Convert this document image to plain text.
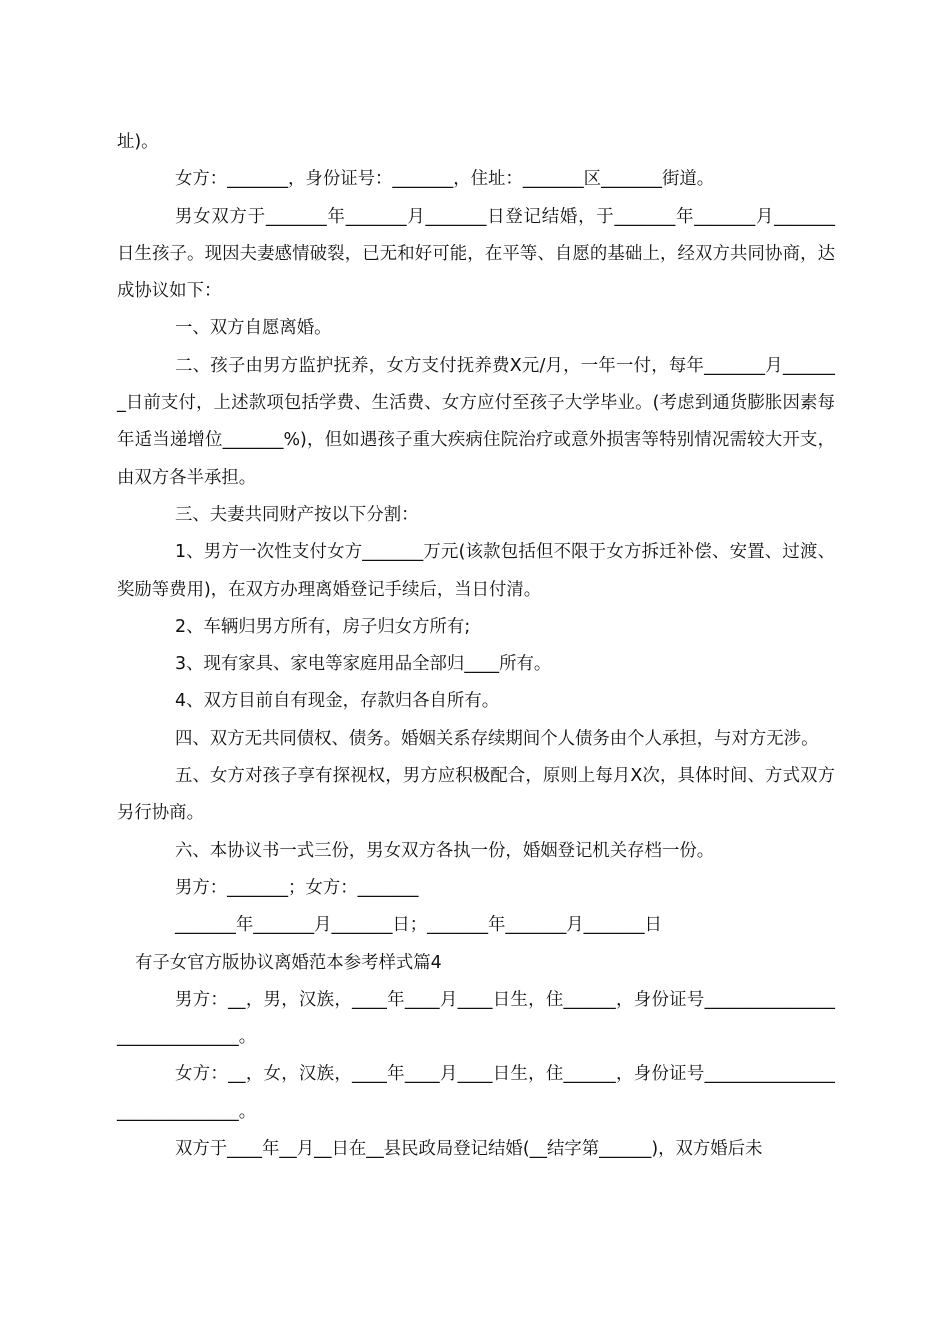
址)。

女方：_______，身份证号：_______，住址：_______区_______街道。

男女双方于_______年_______月_______日登记结婚，于_______年_______月_______日生孩子。现因夫妻感情破裂，已无和好可能，在平等、自愿的基础上，经双方共同协商，达成协议如下：

一、双方自愿离婚。

二、孩子由男方监护抚养，女方支付抚养费X元/月，一年一付，每年_______月_______日前支付，上述款项包括学费、生活费、女方应付至孩子大学毕业。(考虑到通货膨胀因素每年适当递增位_______%)，但如遇孩子重大疾病住院治疗或意外损害等特别情况需较大开支，由双方各半承担。

三、夫妻共同财产按以下分割：

1、男方一次性支付女方_______万元(该款包括但不限于女方拆迁补偿、安置、过渡、奖励等费用)，在双方办理离婚登记手续后，当日付清。

2、车辆归男方所有，房子归女方所有;

3、现有家具、家电等家庭用品全部归____所有。

4、双方目前自有现金，存款归各自所有。

四、双方无共同债权、债务。婚姻关系存续期间个人债务由个人承担，与对方无涉。

五、女方对孩子享有探视权，男方应积极配合，原则上每月X次，具体时间、方式双方另行协商。

六、本协议书一式三份，男女双方各执一份，婚姻登记机关存档一份。

男方：_______；女方：_______

_______年_______月_______日；_______年_______月_______日

有子女官方版协议离婚范本参考样式篇4

男方：__，男，汉族，____年____月____日生，住______，身份证号_____________________________。

女方：__，女，汉族，____年____月____日生，住______，身份证号_____________________________。

双方于____年__月__日在__县民政局登记结婚(__结字第______)，双方婚后未
